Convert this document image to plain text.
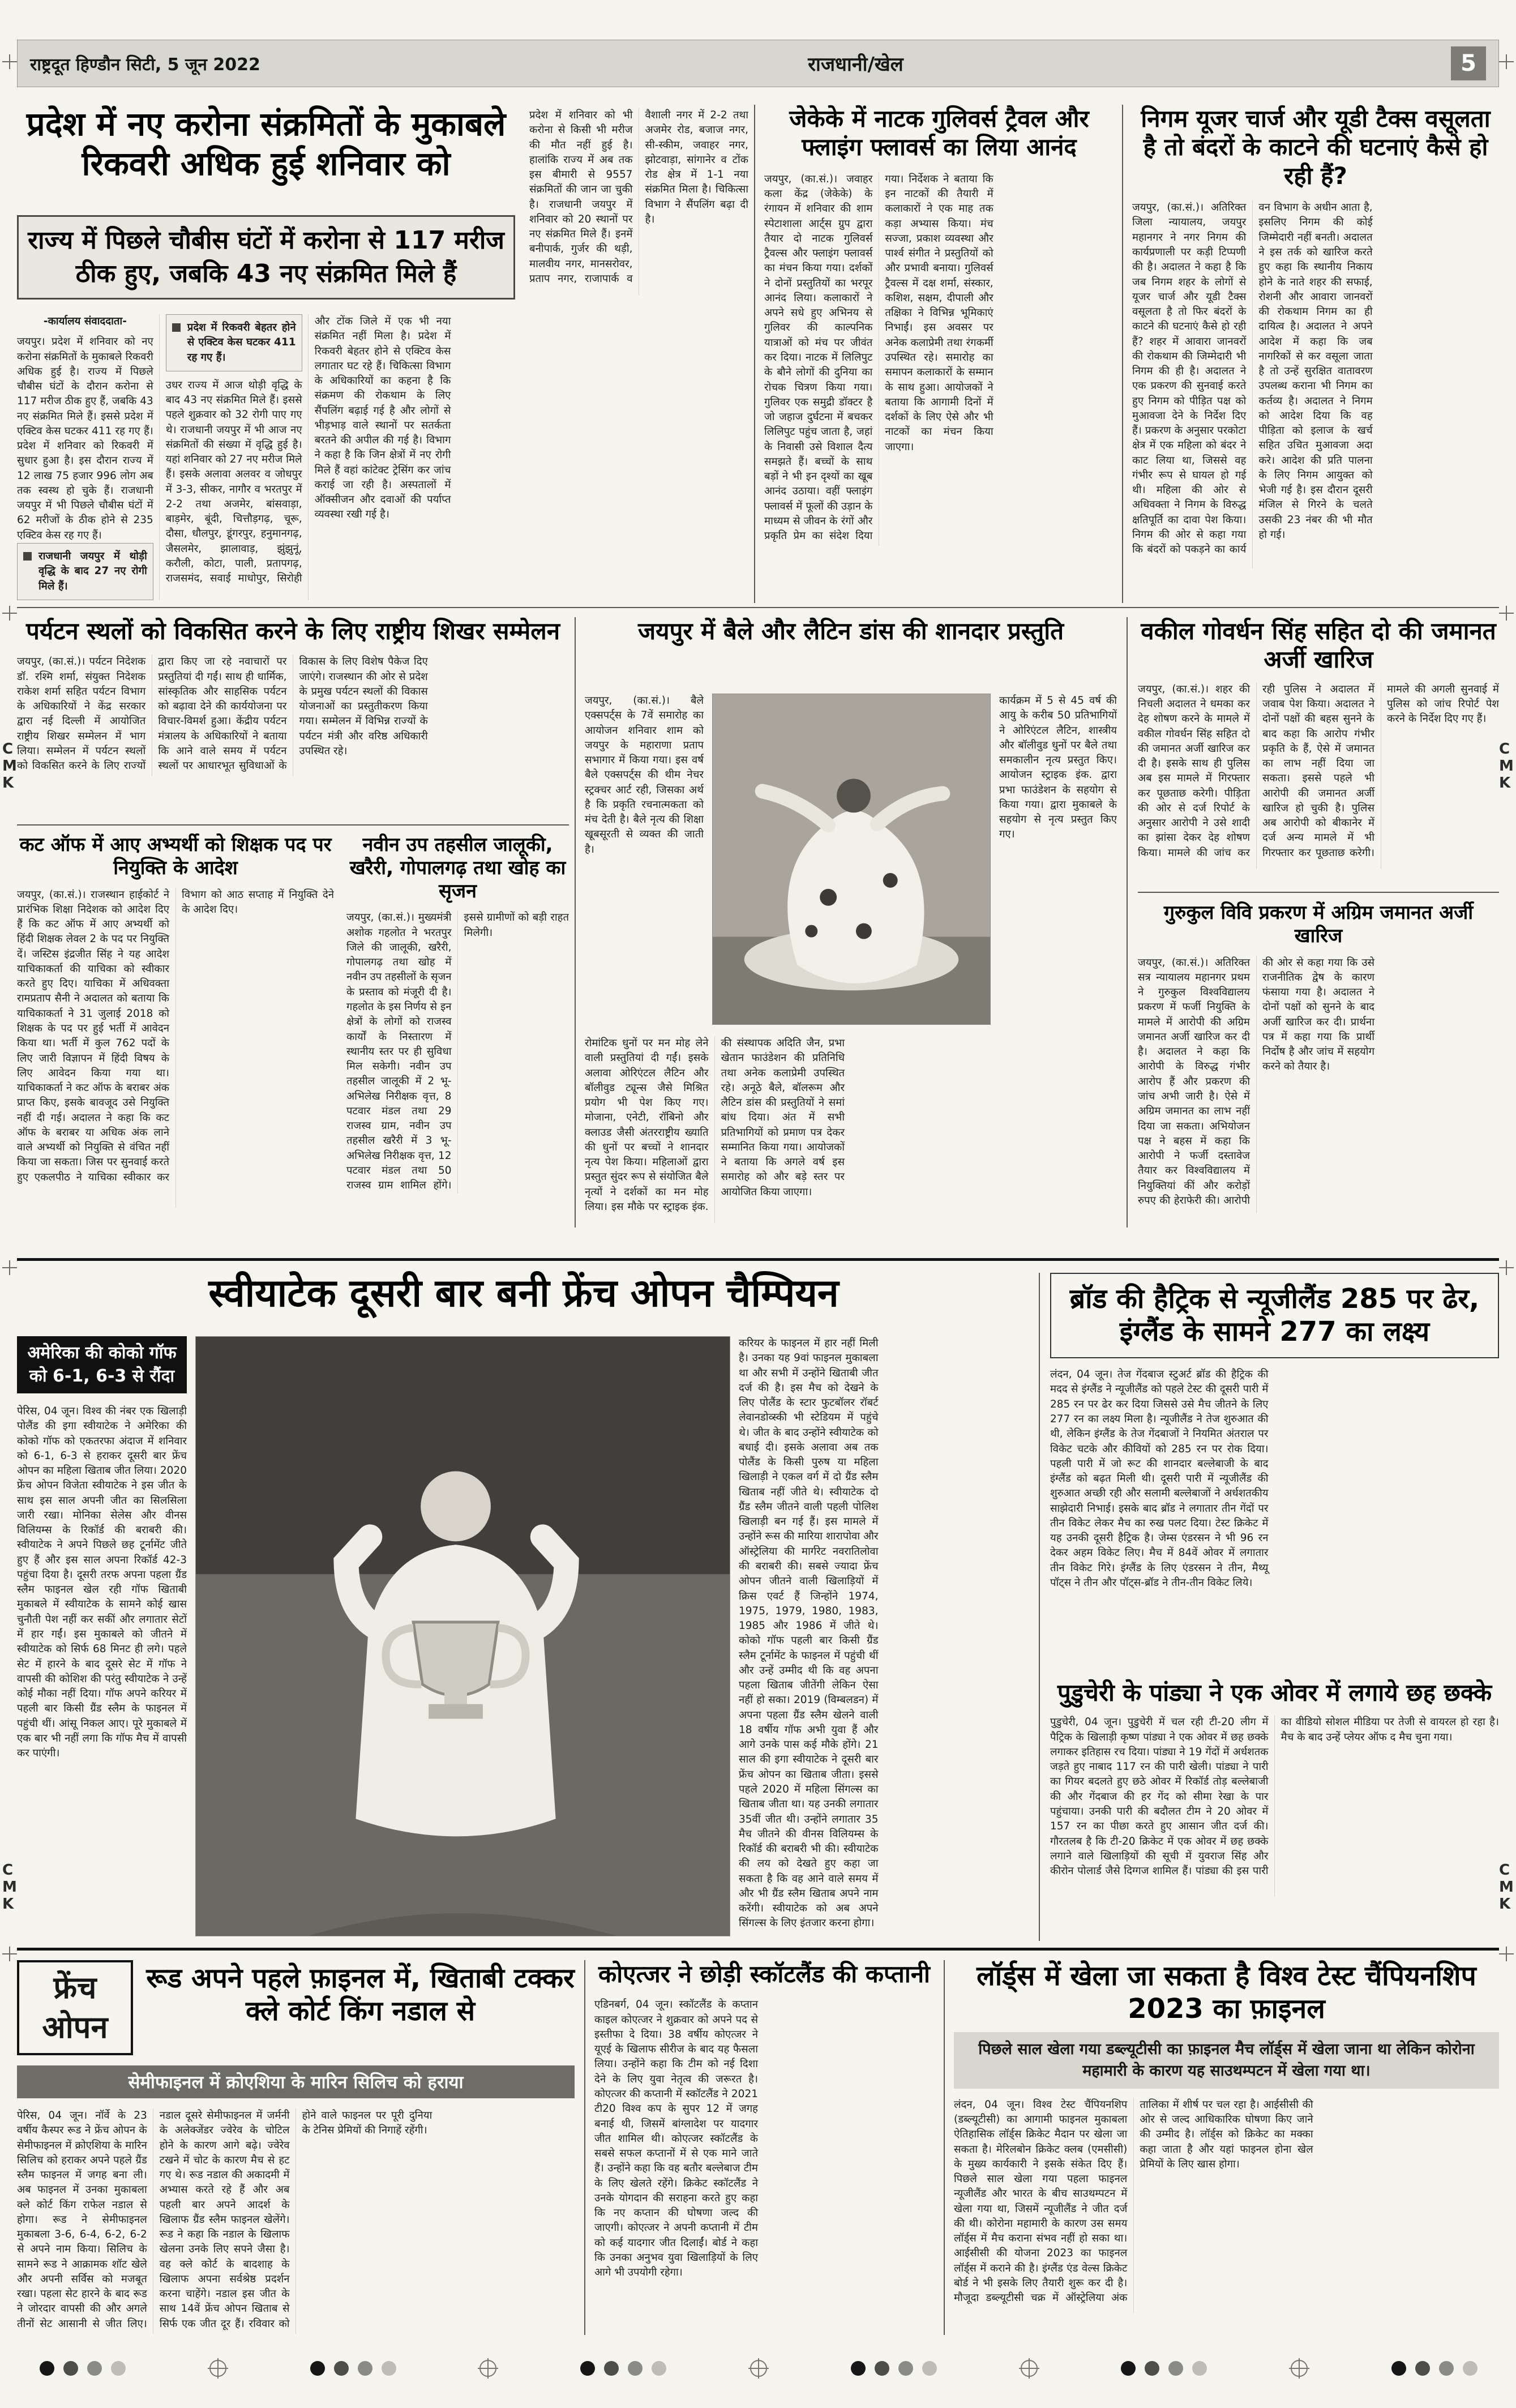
राष्ट्रदूत हिण्डौन सिटी, 5 जून 2022	राजधानी/खेल	5
C
M
K
C
M
K
C
M
K
C
M
K
प्रदेश में नए करोना संक्रमितों के मुकाबले रिकवरी अधिक हुई शनिवार को
प्रदेश में शनिवार को भी करोना से किसी भी मरीज की मौत नहीं हुई है। हालांकि राज्य में अब तक इस बीमारी से 9557 संक्रमितों की जान जा चुकी है। राजधानी जयपुर में शनिवार को 20 स्थानों पर नए संक्रमित मिले हैं। इनमें बनीपार्क, गुर्जर की थड़ी, मालवीय नगर, मानसरोवर, प्रताप नगर, राजापार्क व वैशाली नगर में 2-2 तथा अजमेर रोड, बजाज नगर, सी-स्कीम, जवाहर नगर, झोटवाड़ा, सांगानेर व टोंक रोड क्षेत्र में 1-1 नया संक्रमित मिला है। चिकित्सा विभाग ने सैंपलिंग बढ़ा दी है।
राज्य में पिछले चौबीस घंटों में करोना से 117 मरीज ठीक हुए, जबकि 43 नए संक्रमित मिले हैं

-कार्यालय संवाददाता-

जयपुर। प्रदेश में शनिवार को नए करोना संक्रमितों के मुकाबले रिकवरी अधिक हुई है। राज्य में पिछले चौबीस घंटों के दौरान करोना से 117 मरीज ठीक हुए हैं, जबकि 43 नए संक्रमित मिले हैं। इससे प्रदेश में एक्टिव केस घटकर 411 रह गए हैं। प्रदेश में शनिवार को रिकवरी में सुधार हुआ है। इस दौरान राज्य में 12 लाख 75 हजार 996 लोग अब तक स्वस्थ हो चुके हैं। राजधानी जयपुर में भी पिछले चौबीस घंटों में 62 मरीजों के ठीक होने से 235 एक्टिव केस रह गए हैं।

राजधानी जयपुर में थोड़ी वृद्धि के बाद 27 नए रोगी मिले हैं।
प्रदेश में रिकवरी बेहतर होने से एक्टिव केस घटकर 411 रह गए हैं।

उधर राज्य में आज थोड़ी वृद्धि के बाद 43 नए संक्रमित मिले हैं। इससे पहले शुक्रवार को 32 रोगी पाए गए थे। राजधानी जयपुर में भी आज नए संक्रमितों की संख्या में वृद्धि हुई है। यहां शनिवार को 27 नए मरीज मिले हैं। इसके अलावा अलवर व जोधपुर में 3-3, सीकर, नागौर व भरतपुर में 2-2 तथा अजमेर, बांसवाड़ा, बाड़मेर, बूंदी, चित्तौड़गढ़, चूरू, दौसा, धौलपुर, डूंगरपुर, हनुमानगढ़, जैसलमेर, झालावाड़, झुंझुनूं, करौली, कोटा, पाली, प्रतापगढ़, राजसमंद, सवाई माधोपुर, सिरोही और टोंक जिले में एक भी नया संक्रमित नहीं मिला है। प्रदेश में रिकवरी बेहतर होने से एक्टिव केस लगातार घट रहे हैं। चिकित्सा विभाग के अधिकारियों का कहना है कि संक्रमण की रोकथाम के लिए सैंपलिंग बढ़ाई गई है और लोगों से भीड़भाड़ वाले स्थानों पर सतर्कता बरतने की अपील की गई है। विभाग ने कहा है कि जिन क्षेत्रों में नए रोगी मिले हैं वहां कांटेक्ट ट्रेसिंग कर जांच कराई जा रही है। अस्पतालों में ऑक्सीजन और दवाओं की पर्याप्त व्यवस्था रखी गई है।

जेकेके में नाटक गुलिवर्स ट्रैवल और फ्लाइंग फ्लावर्स का लिया आनंद
जयपुर, (का.सं.)। जवाहर कला केंद्र (जेकेके) के रंगायन में शनिवार की शाम स्पेटाशाला आर्ट्स ग्रुप द्वारा तैयार दो नाटक गुलिवर्स ट्रैवल्स और फ्लाइंग फ्लावर्स का मंचन किया गया। दर्शकों ने दोनों प्रस्तुतियों का भरपूर आनंद लिया। कलाकारों ने अपने सधे हुए अभिनय से गुलिवर की काल्पनिक यात्राओं को मंच पर जीवंत कर दिया। नाटक में लिलिपुट के बौने लोगों की दुनिया का रोचक चित्रण किया गया। गुलिवर एक समुद्री डॉक्टर है जो जहाज दुर्घटना में बचकर लिलिपुट पहुंच जाता है, जहां के निवासी उसे विशाल दैत्य समझते हैं। बच्चों के साथ बड़ों ने भी इन दृश्यों का खूब आनंद उठाया। वहीं फ्लाइंग फ्लावर्स में फूलों की उड़ान के माध्यम से जीवन के रंगों और प्रकृति प्रेम का संदेश दिया गया। निर्देशक ने बताया कि इन नाटकों की तैयारी में कलाकारों ने एक माह तक कड़ा अभ्यास किया। मंच सज्जा, प्रकाश व्यवस्था और पार्श्व संगीत ने प्रस्तुतियों को और प्रभावी बनाया। गुलिवर्स ट्रैवल्स में दक्ष शर्मा, संस्कार, कशिश, सक्षम, दीपाली और तक्षिका ने विभिन्न भूमिकाएं निभाईं। इस अवसर पर अनेक कलाप्रेमी तथा रंगकर्मी उपस्थित रहे। समारोह का समापन कलाकारों के सम्मान के साथ हुआ। आयोजकों ने बताया कि आगामी दिनों में दर्शकों के लिए ऐसे और भी नाटकों का मंचन किया जाएगा।
निगम यूजर चार्ज और यूडी टैक्स वसूलता है तो बंदरों के काटने की घटनाएं कैसे हो रही हैं?
जयपुर, (का.सं.)। अतिरिक्त जिला न्यायालय, जयपुर महानगर ने नगर निगम की कार्यप्रणाली पर कड़ी टिप्पणी की है। अदालत ने कहा है कि जब निगम शहर के लोगों से यूजर चार्ज और यूडी टैक्स वसूलता है तो फिर बंदरों के काटने की घटनाएं कैसे हो रही हैं? शहर में आवारा जानवरों की रोकथाम की जिम्मेदारी भी निगम की ही है। अदालत ने एक प्रकरण की सुनवाई करते हुए निगम को पीड़ित पक्ष को मुआवजा देने के निर्देश दिए हैं। प्रकरण के अनुसार परकोटा क्षेत्र में एक महिला को बंदर ने काट लिया था, जिससे वह गंभीर रूप से घायल हो गई थी। महिला की ओर से अधिवक्ता ने निगम के विरुद्ध क्षतिपूर्ति का दावा पेश किया। निगम की ओर से कहा गया कि बंदरों को पकड़ने का कार्य वन विभाग के अधीन आता है, इसलिए निगम की कोई जिम्मेदारी नहीं बनती। अदालत ने इस तर्क को खारिज करते हुए कहा कि स्थानीय निकाय होने के नाते शहर की सफाई, रोशनी और आवारा जानवरों की रोकथाम निगम का ही दायित्व है। अदालत ने अपने आदेश में कहा कि जब नागरिकों से कर वसूला जाता है तो उन्हें सुरक्षित वातावरण उपलब्ध कराना भी निगम का कर्तव्य है। अदालत ने निगम को आदेश दिया कि वह पीड़िता को इलाज के खर्च सहित उचित मुआवजा अदा करे। आदेश की प्रति पालना के लिए निगम आयुक्त को भेजी गई है। इस दौरान दूसरी मंजिल से गिरने के चलते उसकी 23 नंबर की भी मौत हो गई।
पर्यटन स्थलों को विकसित करने के लिए राष्ट्रीय शिखर सम्मेलन
जयपुर, (का.सं.)। पर्यटन निदेशक डॉ. रश्मि शर्मा, संयुक्त निदेशक राकेश शर्मा सहित पर्यटन विभाग के अधिकारियों ने केंद्र सरकार द्वारा नई दिल्ली में आयोजित राष्ट्रीय शिखर सम्मेलन में भाग लिया। सम्मेलन में पर्यटन स्थलों को विकसित करने के लिए राज्यों द्वारा किए जा रहे नवाचारों पर प्रस्तुतियां दी गईं। साथ ही धार्मिक, सांस्कृतिक और साहसिक पर्यटन को बढ़ावा देने की कार्ययोजना पर विचार-विमर्श हुआ। केंद्रीय पर्यटन मंत्रालय के अधिकारियों ने बताया कि आने वाले समय में पर्यटन स्थलों पर आधारभूत सुविधाओं के विकास के लिए विशेष पैकेज दिए जाएंगे। राजस्थान की ओर से प्रदेश के प्रमुख पर्यटन स्थलों की विकास योजनाओं का प्रस्तुतीकरण किया गया। सम्मेलन में विभिन्न राज्यों के पर्यटन मंत्री और वरिष्ठ अधिकारी उपस्थित रहे।
कट ऑफ में आए अभ्यर्थी को शिक्षक पद पर नियुक्ति के आदेश
जयपुर, (का.सं.)। राजस्थान हाईकोर्ट ने प्रारंभिक शिक्षा निदेशक को आदेश दिए हैं कि कट ऑफ में आए अभ्यर्थी को हिंदी शिक्षक लेवल 2 के पद पर नियुक्ति दें। जस्टिस इंद्रजीत सिंह ने यह आदेश याचिकाकर्ता की याचिका को स्वीकार करते हुए दिए। याचिका में अधिवक्ता रामप्रताप सैनी ने अदालत को बताया कि याचिकाकर्ता ने 31 जुलाई 2018 को शिक्षक के पद पर हुई भर्ती में आवेदन किया था। भर्ती में कुल 762 पदों के लिए जारी विज्ञापन में हिंदी विषय के लिए आवेदन किया गया था। याचिकाकर्ता ने कट ऑफ के बराबर अंक प्राप्त किए, इसके बावजूद उसे नियुक्ति नहीं दी गई। अदालत ने कहा कि कट ऑफ के बराबर या अधिक अंक लाने वाले अभ्यर्थी को नियुक्ति से वंचित नहीं किया जा सकता। जिस पर सुनवाई करते हुए एकलपीठ ने याचिका स्वीकार कर विभाग को आठ सप्ताह में नियुक्ति देने के आदेश दिए।
नवीन उप तहसील जालूकी, खरैरी, गोपालगढ़ तथा खोह का सृजन
जयपुर, (का.सं.)। मुख्यमंत्री अशोक गहलोत ने भरतपुर जिले की जालूकी, खरैरी, गोपालगढ़ तथा खोह में नवीन उप तहसीलों के सृजन के प्रस्ताव को मंजूरी दी है। गहलोत के इस निर्णय से इन क्षेत्रों के लोगों को राजस्व कार्यों के निस्तारण में स्थानीय स्तर पर ही सुविधा मिल सकेगी। नवीन उप तहसील जालूकी में 2 भू-अभिलेख निरीक्षक वृत्त, 8 पटवार मंडल तथा 29 राजस्व ग्राम, नवीन उप तहसील खरैरी में 3 भू-अभिलेख निरीक्षक वृत्त, 12 पटवार मंडल तथा 50 राजस्व ग्राम शामिल होंगे। इससे ग्रामीणों को बड़ी राहत मिलेगी।
जयपुर में बैले और लैटिन डांस की शानदार प्रस्तुति
जयपुर, (का.सं.)। बैले एक्सपर्ट्स के 7वें समारोह का आयोजन शनिवार शाम को जयपुर के महाराणा प्रताप सभागार में किया गया। इस वर्ष बैले एक्सपर्ट्स की थीम नेचर स्ट्रक्चर आर्ट रही, जिसका अर्थ है कि प्रकृति रचनात्मकता को मंच देती है। बैले नृत्य की शिक्षा खूबसूरती से व्यक्त की जाती है।
कार्यक्रम में 5 से 45 वर्ष की आयु के करीब 50 प्रतिभागियों ने ओरिएंटल लैटिन, शास्त्रीय और बॉलीवुड धुनों पर बैले तथा समकालीन नृत्य प्रस्तुत किए। आयोजन स्ट्राइक इंक. द्वारा प्रभा फाउंडेशन के सहयोग से किया गया। द्वारा मुकाबले के सहयोग से नृत्य प्रस्तुत किए गए।
रोमांटिक धुनों पर मन मोह लेने वाली प्रस्तुतियां दी गईं। इसके अलावा ओरिएंटल लैटिन और बॉलीवुड ट्यून्स जैसे मिश्रित प्रयोग भी पेश किए गए। मोजाना, एनेटी, रॉबिनो और क्लाउड जैसी अंतरराष्ट्रीय ख्याति की धुनों पर बच्चों ने शानदार नृत्य पेश किया। महिलाओं द्वारा प्रस्तुत सुंदर रूप से संयोजित बैले नृत्यों ने दर्शकों का मन मोह लिया। इस मौके पर स्ट्राइक इंक. की संस्थापक अदिति जैन, प्रभा खेतान फाउंडेशन की प्रतिनिधि तथा अनेक कलाप्रेमी उपस्थित रहे। अनूठे बैले, बॉलरूम और लैटिन डांस की प्रस्तुतियों ने समां बांध दिया। अंत में सभी प्रतिभागियों को प्रमाण पत्र देकर सम्मानित किया गया। आयोजकों ने बताया कि अगले वर्ष इस समारोह को और बड़े स्तर पर आयोजित किया जाएगा।
वकील गोवर्धन सिंह सहित दो की जमानत अर्जी खारिज
जयपुर, (का.सं.)। शहर की निचली अदालत ने धमका कर देह शोषण करने के मामले में वकील गोवर्धन सिंह सहित दो की जमानत अर्जी खारिज कर दी है। इसके साथ ही पुलिस अब इस मामले में गिरफ्तार कर पूछताछ करेगी। पीड़िता की ओर से दर्ज रिपोर्ट के अनुसार आरोपी ने उसे शादी का झांसा देकर देह शोषण किया। मामले की जांच कर रही पुलिस ने अदालत में जवाब पेश किया। अदालत ने दोनों पक्षों की बहस सुनने के बाद कहा कि आरोप गंभीर प्रकृति के हैं, ऐसे में जमानत का लाभ नहीं दिया जा सकता। इससे पहले भी आरोपी की जमानत अर्जी खारिज हो चुकी है। पुलिस अब आरोपी को बीकानेर में दर्ज अन्य मामले में भी गिरफ्तार कर पूछताछ करेगी। मामले की अगली सुनवाई में पुलिस को जांच रिपोर्ट पेश करने के निर्देश दिए गए हैं।
गुरुकुल विवि प्रकरण में अग्रिम जमानत अर्जी खारिज
जयपुर, (का.सं.)। अतिरिक्त सत्र न्यायालय महानगर प्रथम ने गुरुकुल विश्वविद्यालय प्रकरण में फर्जी नियुक्ति के मामले में आरोपी की अग्रिम जमानत अर्जी खारिज कर दी है। अदालत ने कहा कि आरोपी के विरुद्ध गंभीर आरोप हैं और प्रकरण की जांच अभी जारी है। ऐसे में अग्रिम जमानत का लाभ नहीं दिया जा सकता। अभियोजन पक्ष ने बहस में कहा कि आरोपी ने फर्जी दस्तावेज तैयार कर विश्वविद्यालय में नियुक्तियां कीं और करोड़ों रुपए की हेराफेरी की। आरोपी की ओर से कहा गया कि उसे राजनीतिक द्वेष के कारण फंसाया गया है। अदालत ने दोनों पक्षों को सुनने के बाद अर्जी खारिज कर दी। प्रार्थना पत्र में कहा गया कि प्रार्थी निर्दोष है और जांच में सहयोग करने को तैयार है।
स्वीयाटेक दूसरी बार बनी फ्रेंच ओपन चैम्पियन
अमेरिका की कोको गॉफ को 6-1, 6-3 से रौंदा
पेरिस, 04 जून। विश्व की नंबर एक खिलाड़ी पोलैंड की इगा स्वीयाटेक ने अमेरिका की कोको गॉफ को एकतरफा अंदाज में शनिवार को 6-1, 6-3 से हराकर दूसरी बार फ्रेंच ओपन का महिला खिताब जीत लिया। 2020 फ्रेंच ओपन विजेता स्वीयाटेक ने इस जीत के साथ इस साल अपनी जीत का सिलसिला जारी रखा। मोनिका सेलेस और वीनस विलियम्स के रिकॉर्ड की बराबरी की। स्वीयाटेक ने अपने पिछले छह टूर्नामेंट जीते हुए हैं और इस साल अपना रिकॉर्ड 42-3 पहुंचा दिया है। दूसरी तरफ अपना पहला ग्रैंड स्लैम फाइनल खेल रही गॉफ खिताबी मुकाबले में स्वीयाटेक के सामने कोई खास चुनौती पेश नहीं कर सकीं और लगातार सेटों में हार गईं। इस मुकाबले को जीतने में स्वीयाटेक को सिर्फ 68 मिनट ही लगे। पहले सेट में हारने के बाद दूसरे सेट में गॉफ ने वापसी की कोशिश की परंतु स्वीयाटेक ने उन्हें कोई मौका नहीं दिया। गॉफ अपने करियर में पहली बार किसी ग्रैंड स्लैम के फाइनल में पहुंची थीं। आंसू निकल आए। पूरे मुकाबले में एक बार भी नहीं लगा कि गॉफ मैच में वापसी कर पाएंगी।
करियर के फाइनल में हार नहीं मिली है। उनका यह 9वां फाइनल मुकाबला था और सभी में उन्होंने खिताबी जीत दर्ज की है। इस मैच को देखने के लिए पोलैंड के स्टार फुटबॉलर रॉबर्ट लेवानडोव्स्की भी स्टेडियम में पहुंचे थे। जीत के बाद उन्होंने स्वीयाटेक को बधाई दी। इसके अलावा अब तक पोलैंड के किसी पुरुष या महिला खिलाड़ी ने एकल वर्ग में दो ग्रैंड स्लैम खिताब नहीं जीते थे। स्वीयाटेक दो ग्रैंड स्लैम जीतने वाली पहली पोलिश खिलाड़ी बन गई हैं। इस मामले में उन्होंने रूस की मारिया शारापोवा और ऑस्ट्रेलिया की मार्गरेट नवरातिलोवा की बराबरी की। सबसे ज्यादा फ्रेंच ओपन जीतने वाली खिलाड़ियों में क्रिस एवर्ट हैं जिन्होंने 1974, 1975, 1979, 1980, 1983, 1985 और 1986 में जीते थे। कोको गॉफ पहली बार किसी ग्रैंड स्लैम टूर्नामेंट के फाइनल में पहुंची थीं और उन्हें उम्मीद थी कि वह अपना पहला खिताब जीतेंगी लेकिन ऐसा नहीं हो सका। 2019 (विम्बलडन) में अपना पहला ग्रैंड स्लैम खेलने वाली 18 वर्षीय गॉफ अभी युवा हैं और आगे उनके पास कई मौके होंगे। 21 साल की इगा स्वीयाटेक ने दूसरी बार फ्रेंच ओपन का खिताब जीता। इससे पहले 2020 में महिला सिंगल्स का खिताब जीता था। यह उनकी लगातार 35वीं जीत थी। उन्होंने लगातार 35 मैच जीतने की वीनस विलियम्स के रिकॉर्ड की बराबरी भी की। स्वीयाटेक की लय को देखते हुए कहा जा सकता है कि वह आने वाले समय में और भी ग्रैंड स्लैम खिताब अपने नाम करेंगी। स्वीयाटेक को अब अपने सिंगल्स के लिए इंतजार करना होगा।
ब्रॉड की हैट्रिक से न्यूजीलैंड 285 पर ढेर, इंग्लैंड के सामने 277 का लक्ष्य
लंदन, 04 जून। तेज गेंदबाज स्टुअर्ट ब्रॉड की हैट्रिक की मदद से इंग्लैंड ने न्यूजीलैंड को पहले टेस्ट की दूसरी पारी में 285 रन पर ढेर कर दिया जिससे उसे मैच जीतने के लिए 277 रन का लक्ष्य मिला है। न्यूजीलैंड ने तेज शुरुआत की थी, लेकिन इंग्लैंड के तेज गेंदबाजों ने नियमित अंतराल पर विकेट चटके और कीवियों को 285 रन पर रोक दिया। पहली पारी में जो रूट की शानदार बल्लेबाजी के बाद इंग्लैंड को बढ़त मिली थी। दूसरी पारी में न्यूजीलैंड की शुरुआत अच्छी रही और सलामी बल्लेबाजों ने अर्धशतकीय साझेदारी निभाई। इसके बाद ब्रॉड ने लगातार तीन गेंदों पर तीन विकेट लेकर मैच का रुख पलट दिया। टेस्ट क्रिकेट में यह उनकी दूसरी हैट्रिक है। जेम्स एंडरसन ने भी 96 रन देकर अहम विकेट लिए। मैच में 84वें ओवर में लगातार तीन विकेट गिरे। इंग्लैंड के लिए एंडरसन ने तीन, मैथ्यू पॉट्स ने तीन और पॉट्स-ब्रॉड ने तीन-तीन विकेट लिये।
पुडुचेरी के पांड्या ने एक ओवर में लगाये छह छक्के
पुडुचेरी, 04 जून। पुडुचेरी में चल रही टी-20 लीग में पैट्रिक के खिलाड़ी कृष्ण पांड्या ने एक ओवर में छह छक्के लगाकर इतिहास रच दिया। पांड्या ने 19 गेंदों में अर्धशतक जड़ते हुए नाबाद 117 रन की पारी खेली। पांड्या ने पारी का गियर बदलते हुए छठे ओवर में रिकॉर्ड तोड़ बल्लेबाजी की और गेंदबाज की हर गेंद को सीमा रेखा के पार पहुंचाया। उनकी पारी की बदौलत टीम ने 20 ओवर में 157 रन का पीछा करते हुए आसान जीत दर्ज की। गौरतलब है कि टी-20 क्रिकेट में एक ओवर में छह छक्के लगाने वाले खिलाड़ियों की सूची में युवराज सिंह और कीरोन पोलार्ड जैसे दिग्गज शामिल हैं। पांड्या की इस पारी का वीडियो सोशल मीडिया पर तेजी से वायरल हो रहा है। मैच के बाद उन्हें प्लेयर ऑफ द मैच चुना गया।
फ्रेंच
ओपन
रूड अपने पहले फ़ाइनल में, खिताबी टक्कर क्ले कोर्ट किंग नडाल से
सेमीफाइनल में क्रोएशिया के मारिन सिलिच को हराया
पेरिस, 04 जून। नॉर्वे के 23 वर्षीय कैस्पर रूड ने फ्रेंच ओपन के सेमीफाइनल में क्रोएशिया के मारिन सिलिच को हराकर अपने पहले ग्रैंड स्लैम फाइनल में जगह बना ली। अब फाइनल में उनका मुकाबला क्ले कोर्ट किंग राफेल नडाल से होगा। रूड ने सेमीफाइनल मुकाबला 3-6, 6-4, 6-2, 6-2 से अपने नाम किया। सिलिच के सामने रूड ने आक्रामक शॉट खेले और अपनी सर्विस को मजबूत रखा। पहला सेट हारने के बाद रूड ने जोरदार वापसी की और अगले तीनों सेट आसानी से जीत लिए। नडाल दूसरे सेमीफाइनल में जर्मनी के अलेक्जेंडर ज्वेरेव के चोटिल होने के कारण आगे बढ़े। ज्वेरेव टखने में चोट के कारण मैच से हट गए थे। रूड नडाल की अकादमी में अभ्यास करते रहे हैं और अब पहली बार अपने आदर्श के खिलाफ ग्रैंड स्लैम फाइनल खेलेंगे। रूड ने कहा कि नडाल के खिलाफ खेलना उनके लिए सपने जैसा है। वह क्ले कोर्ट के बादशाह के खिलाफ अपना सर्वश्रेष्ठ प्रदर्शन करना चाहेंगे। नडाल इस जीत के साथ 14वें फ्रेंच ओपन खिताब से सिर्फ एक जीत दूर हैं। रविवार को होने वाले फाइनल पर पूरी दुनिया के टेनिस प्रेमियों की निगाहें रहेंगी।
कोएत्जर ने छोड़ी स्कॉटलैंड की कप्तानी
एडिनबर्ग, 04 जून। स्कॉटलैंड के कप्तान काइल कोएत्जर ने शुक्रवार को अपने पद से इस्तीफा दे दिया। 38 वर्षीय कोएत्जर ने यूएई के खिलाफ सीरीज के बाद यह फैसला लिया। उन्होंने कहा कि टीम को नई दिशा देने के लिए युवा नेतृत्व की जरूरत है। कोएत्जर की कप्तानी में स्कॉटलैंड ने 2021 टी20 विश्व कप के सुपर 12 में जगह बनाई थी, जिसमें बांग्लादेश पर यादगार जीत शामिल थी। कोएत्जर स्कॉटलैंड के सबसे सफल कप्तानों में से एक माने जाते हैं। उन्होंने कहा कि वह बतौर बल्लेबाज टीम के लिए खेलते रहेंगे। क्रिकेट स्कॉटलैंड ने उनके योगदान की सराहना करते हुए कहा कि नए कप्तान की घोषणा जल्द की जाएगी। कोएत्जर ने अपनी कप्तानी में टीम को कई यादगार जीत दिलाईं। बोर्ड ने कहा कि उनका अनुभव युवा खिलाड़ियों के लिए आगे भी उपयोगी रहेगा।
लॉर्ड्स में खेला जा सकता है विश्व टेस्ट चैंपियनशिप 2023 का फ़ाइनल
पिछले साल खेला गया डब्ल्यूटीसी का फ़ाइनल मैच लॉर्ड्स में खेला जाना था लेकिन कोरोना महामारी के कारण यह साउथम्पटन में खेला गया था।
लंदन, 04 जून। विश्व टेस्ट चैंपियनशिप (डब्ल्यूटीसी) का आगामी फाइनल मुकाबला ऐतिहासिक लॉर्ड्स क्रिकेट मैदान पर खेला जा सकता है। मेरिलबोन क्रिकेट क्लब (एमसीसी) के मुख्य कार्यकारी ने इसके संकेत दिए हैं। पिछले साल खेला गया पहला फाइनल न्यूजीलैंड और भारत के बीच साउथम्पटन में खेला गया था, जिसमें न्यूजीलैंड ने जीत दर्ज की थी। कोरोना महामारी के कारण उस समय लॉर्ड्स में मैच कराना संभव नहीं हो सका था। आईसीसी की योजना 2023 का फाइनल लॉर्ड्स में कराने की है। इंग्लैंड एंड वेल्स क्रिकेट बोर्ड ने भी इसके लिए तैयारी शुरू कर दी है। मौजूदा डब्ल्यूटीसी चक्र में ऑस्ट्रेलिया अंक तालिका में शीर्ष पर चल रहा है। आईसीसी की ओर से जल्द आधिकारिक घोषणा किए जाने की उम्मीद है। लॉर्ड्स को क्रिकेट का मक्का कहा जाता है और यहां फाइनल होना खेल प्रेमियों के लिए खास होगा।
